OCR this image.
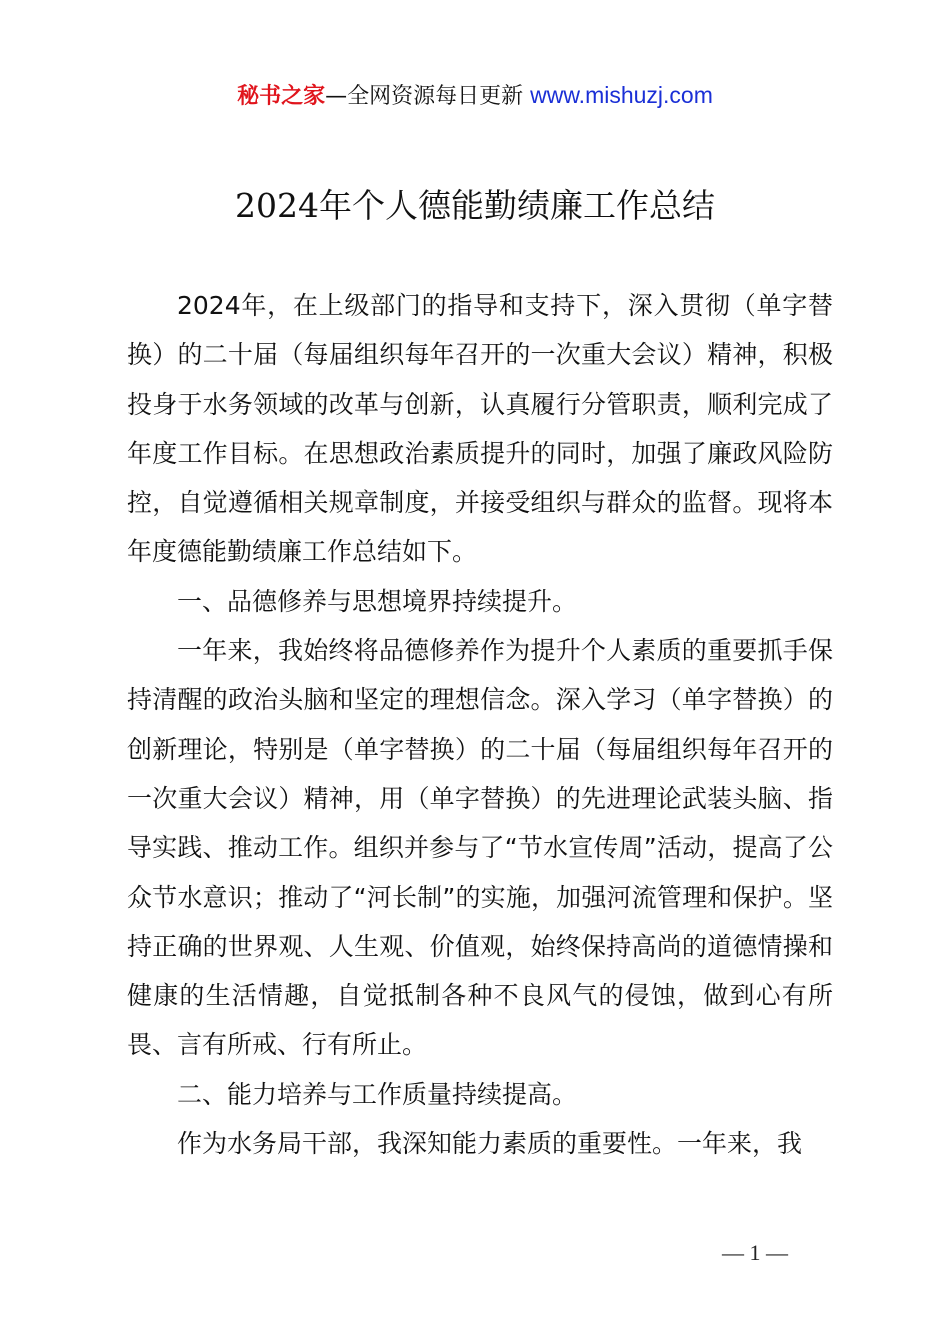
秘书之家—全网资源每日更新 www.mishuzj.com
2024年个人德能勤绩廉工作总结

2024年，在上级部门的指导和支持下，深入贯彻（单字替换）的二十届（每届组织每年召开的一次重大会议）精神，积极投身于水务领域的改革与创新，认真履行分管职责，顺利完成了年度工作目标。在思想政治素质提升的同时，加强了廉政风险防控，自觉遵循相关规章制度，并接受组织与群众的监督。现将本年度德能勤绩廉工作总结如下。

一、品德修养与思想境界持续提升。

一年来，我始终将品德修养作为提升个人素质的重要抓手保持清醒的政治头脑和坚定的理想信念。深入学习（单字替换）的创新理论，特别是（单字替换）的二十届（每届组织每年召开的一次重大会议）精神，用（单字替换）的先进理论武装头脑、指导实践、推动工作。组织并参与了“节水宣传周”活动，提高了公众节水意识；推动了“河长制”的实施，加强河流管理和保护。坚持正确的世界观、人生观、价值观，始终保持高尚的道德情操和健康的生活情趣，自觉抵制各种不良风气的侵蚀，做到心有所畏、言有所戒、行有所止。

二、能力培养与工作质量持续提高。

作为水务局干部，我深知能力素质的重要性。一年来，我

— 1 —
